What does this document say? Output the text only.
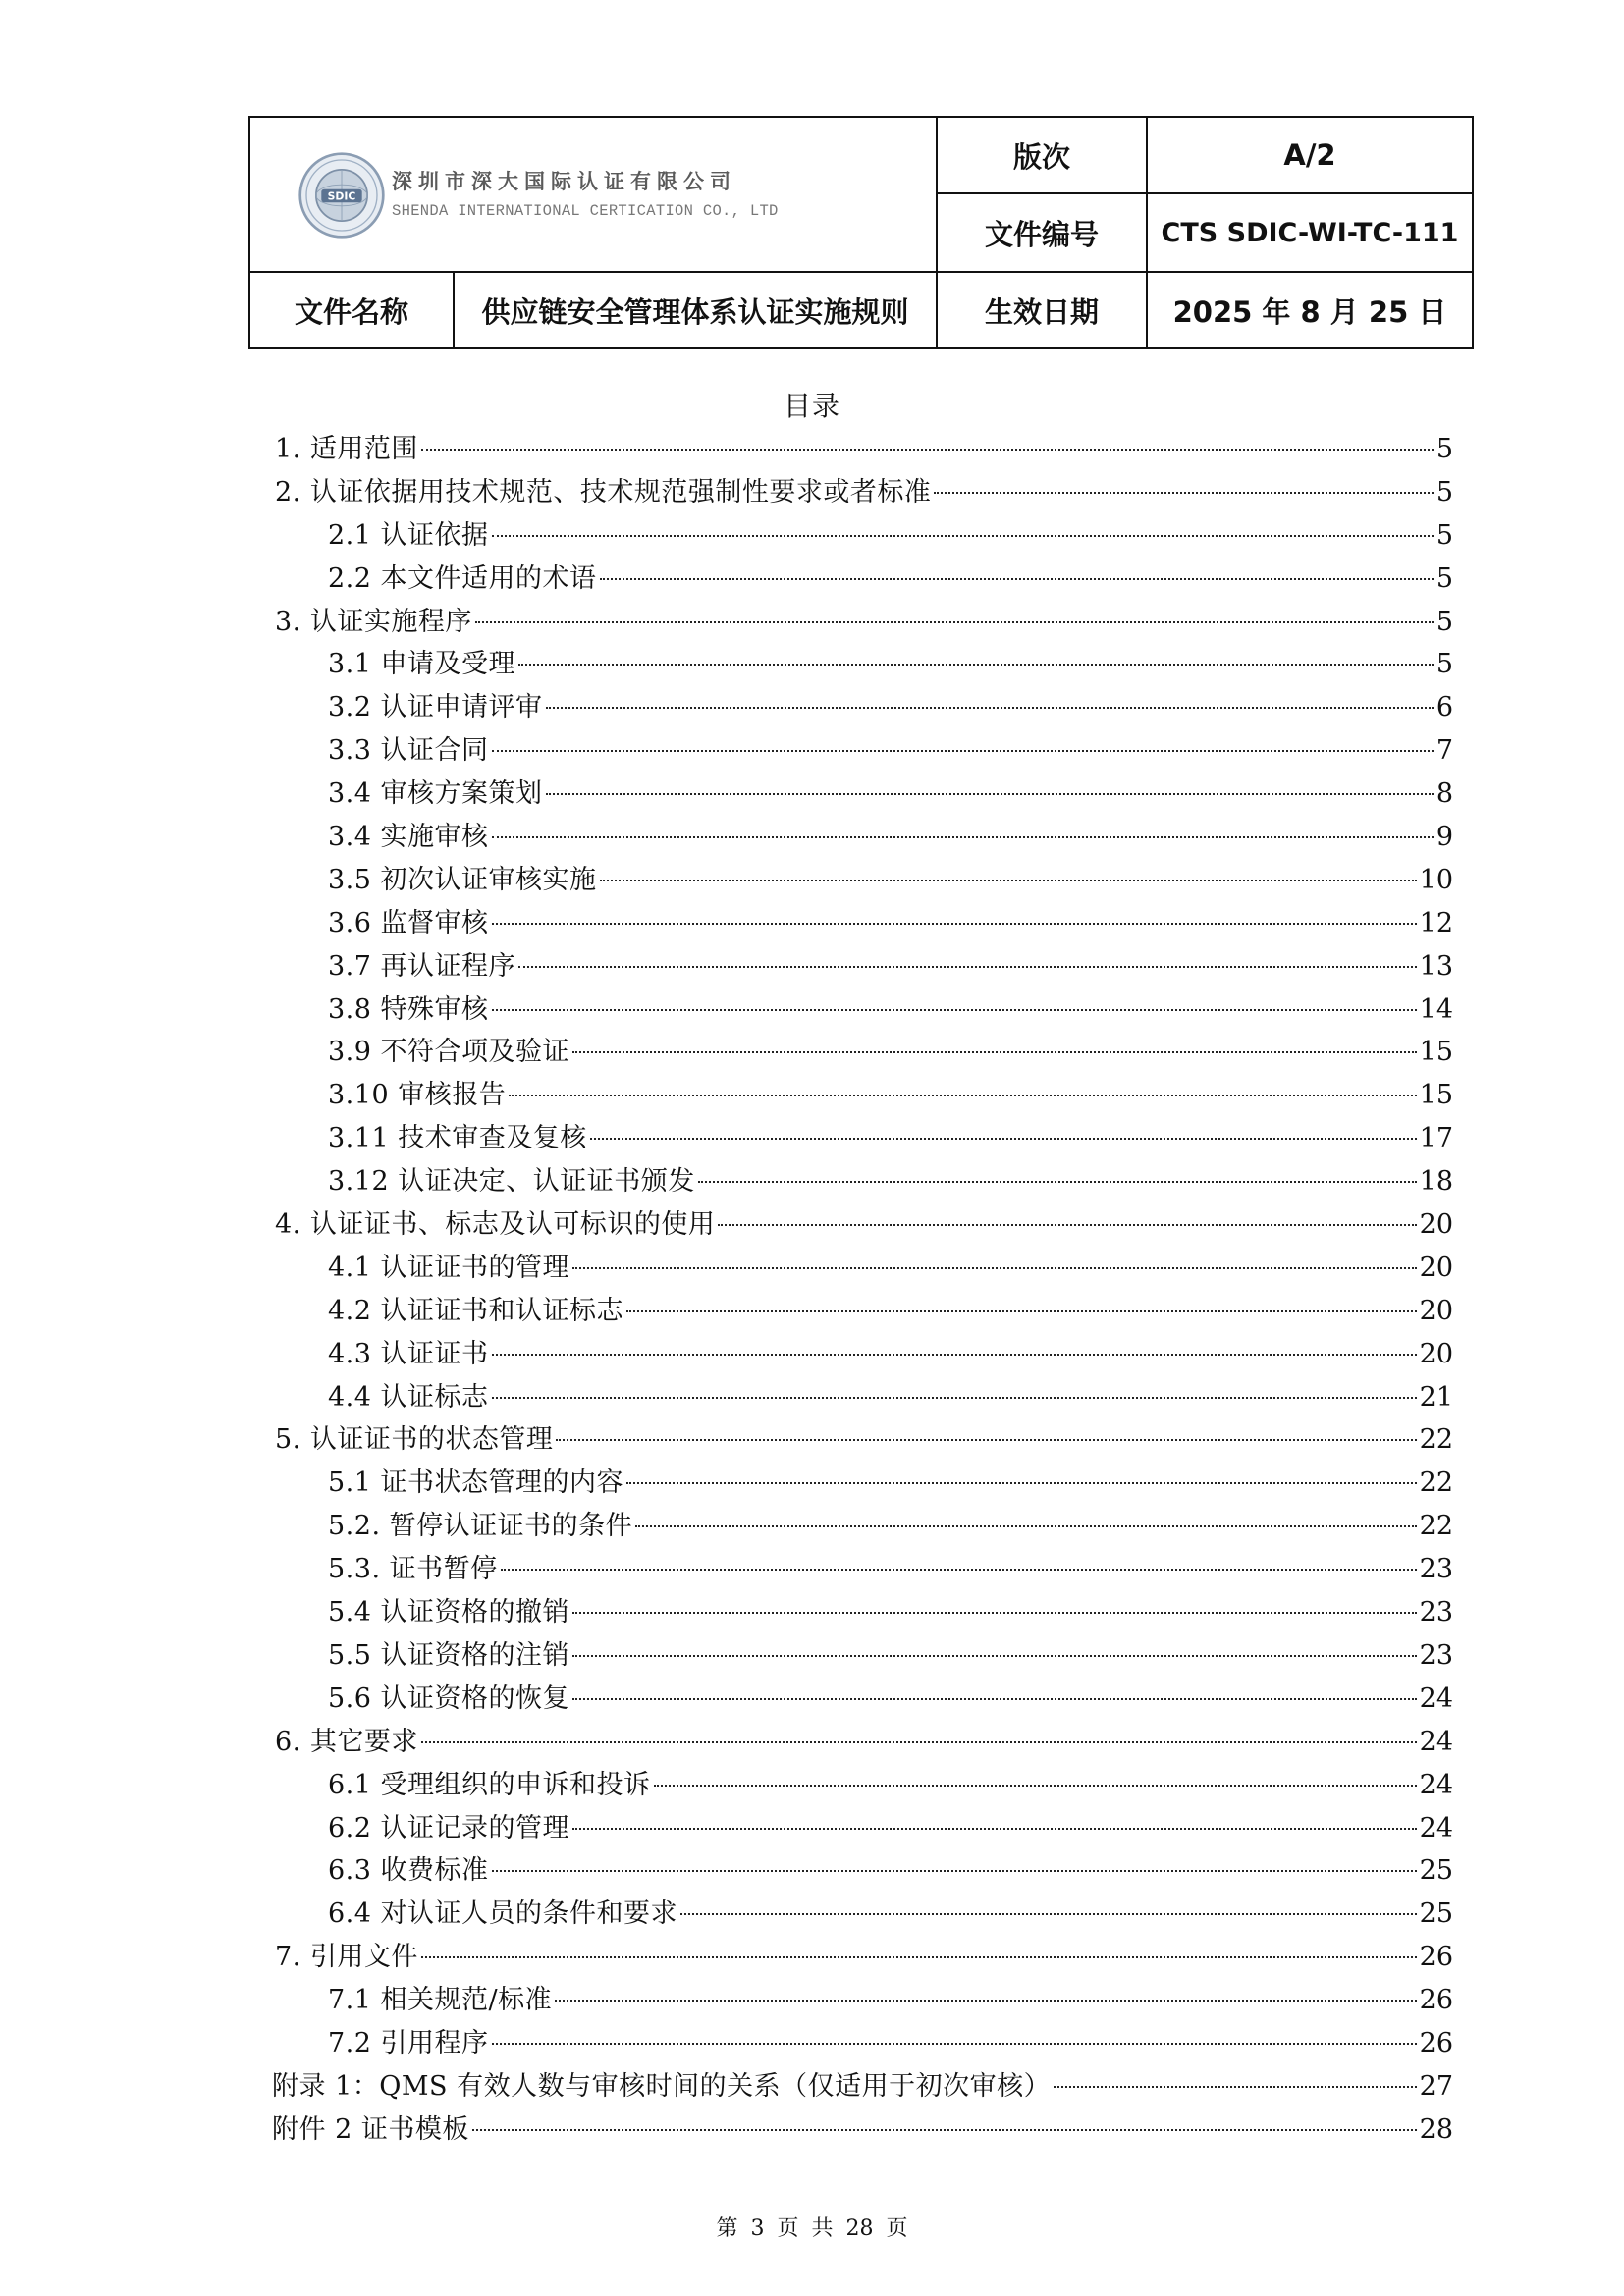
SDIC
深圳市深大国际认证有限公司
SHENDA INTERNATIONAL CERTICATION CO., LTD
版次	A/2
文件编号	CTS SDIC-WI-TC-111
文件名称	供应链安全管理体系认证实施规则	生效日期	2025 年 8 月 25 日
目录
1. 适用范围	5
2. 认证依据用技术规范、技术规范强制性要求或者标准	5
2.1 认证依据	5
2.2 本文件适用的术语	5
3. 认证实施程序	5
3.1 申请及受理	5
3.2 认证申请评审	6
3.3 认证合同	7
3.4 审核方案策划	8
3.4 实施审核	9
3.5 初次认证审核实施	10
3.6 监督审核	12
3.7 再认证程序	13
3.8 特殊审核	14
3.9 不符合项及验证	15
3.10 审核报告	15
3.11 技术审查及复核	17
3.12 认证决定、认证证书颁发	18
4. 认证证书、标志及认可标识的使用	20
4.1 认证证书的管理	20
4.2 认证证书和认证标志	20
4.3 认证证书	20
4.4 认证标志	21
5. 认证证书的状态管理	22
5.1 证书状态管理的内容	22
5.2. 暂停认证证书的条件	22
5.3. 证书暂停	23
5.4 认证资格的撤销	23
5.5 认证资格的注销	23
5.6 认证资格的恢复	24
6. 其它要求	24
6.1 受理组织的申诉和投诉	24
6.2 认证记录的管理	24
6.3 收费标准	25
6.4 对认证人员的条件和要求	25
7. 引用文件	26
7.1 相关规范/标准	26
7.2 引用程序	26
附录 1：QMS 有效人数与审核时间的关系（仅适用于初次审核）	27
附件 2 证书模板	28
第 3 页 共 28 页
